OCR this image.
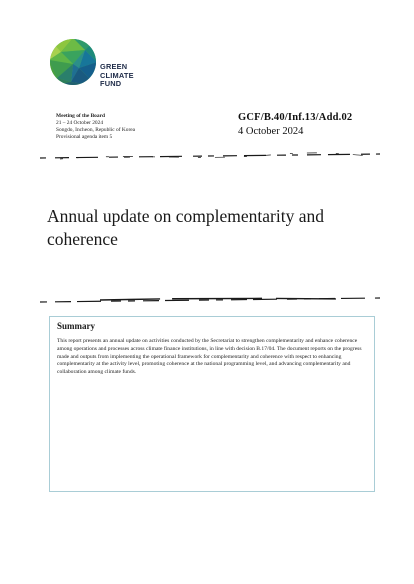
GREEN
CLIMATE
FUND
Meeting of the Board
21 – 24 October 2024
Songdo, Incheon, Republic of Korea
Provisional agenda item 5
GCF/B.40/Inf.13/Add.02
4 October 2024
Annual update on complementarity and coherence
Summary
This report presents an annual update on activities conducted by the Secretariat to strengthen complementarity and enhance coherence among operations and processes across climate finance institutions, in line with decision B.17/04. The document reports on the progress made and outputs from implementing the operational framework for complementarity and coherence with respect to enhancing complementarity at the activity level, promoting coherence at the national programming level, and advancing complementarity and collaboration among climate funds.
